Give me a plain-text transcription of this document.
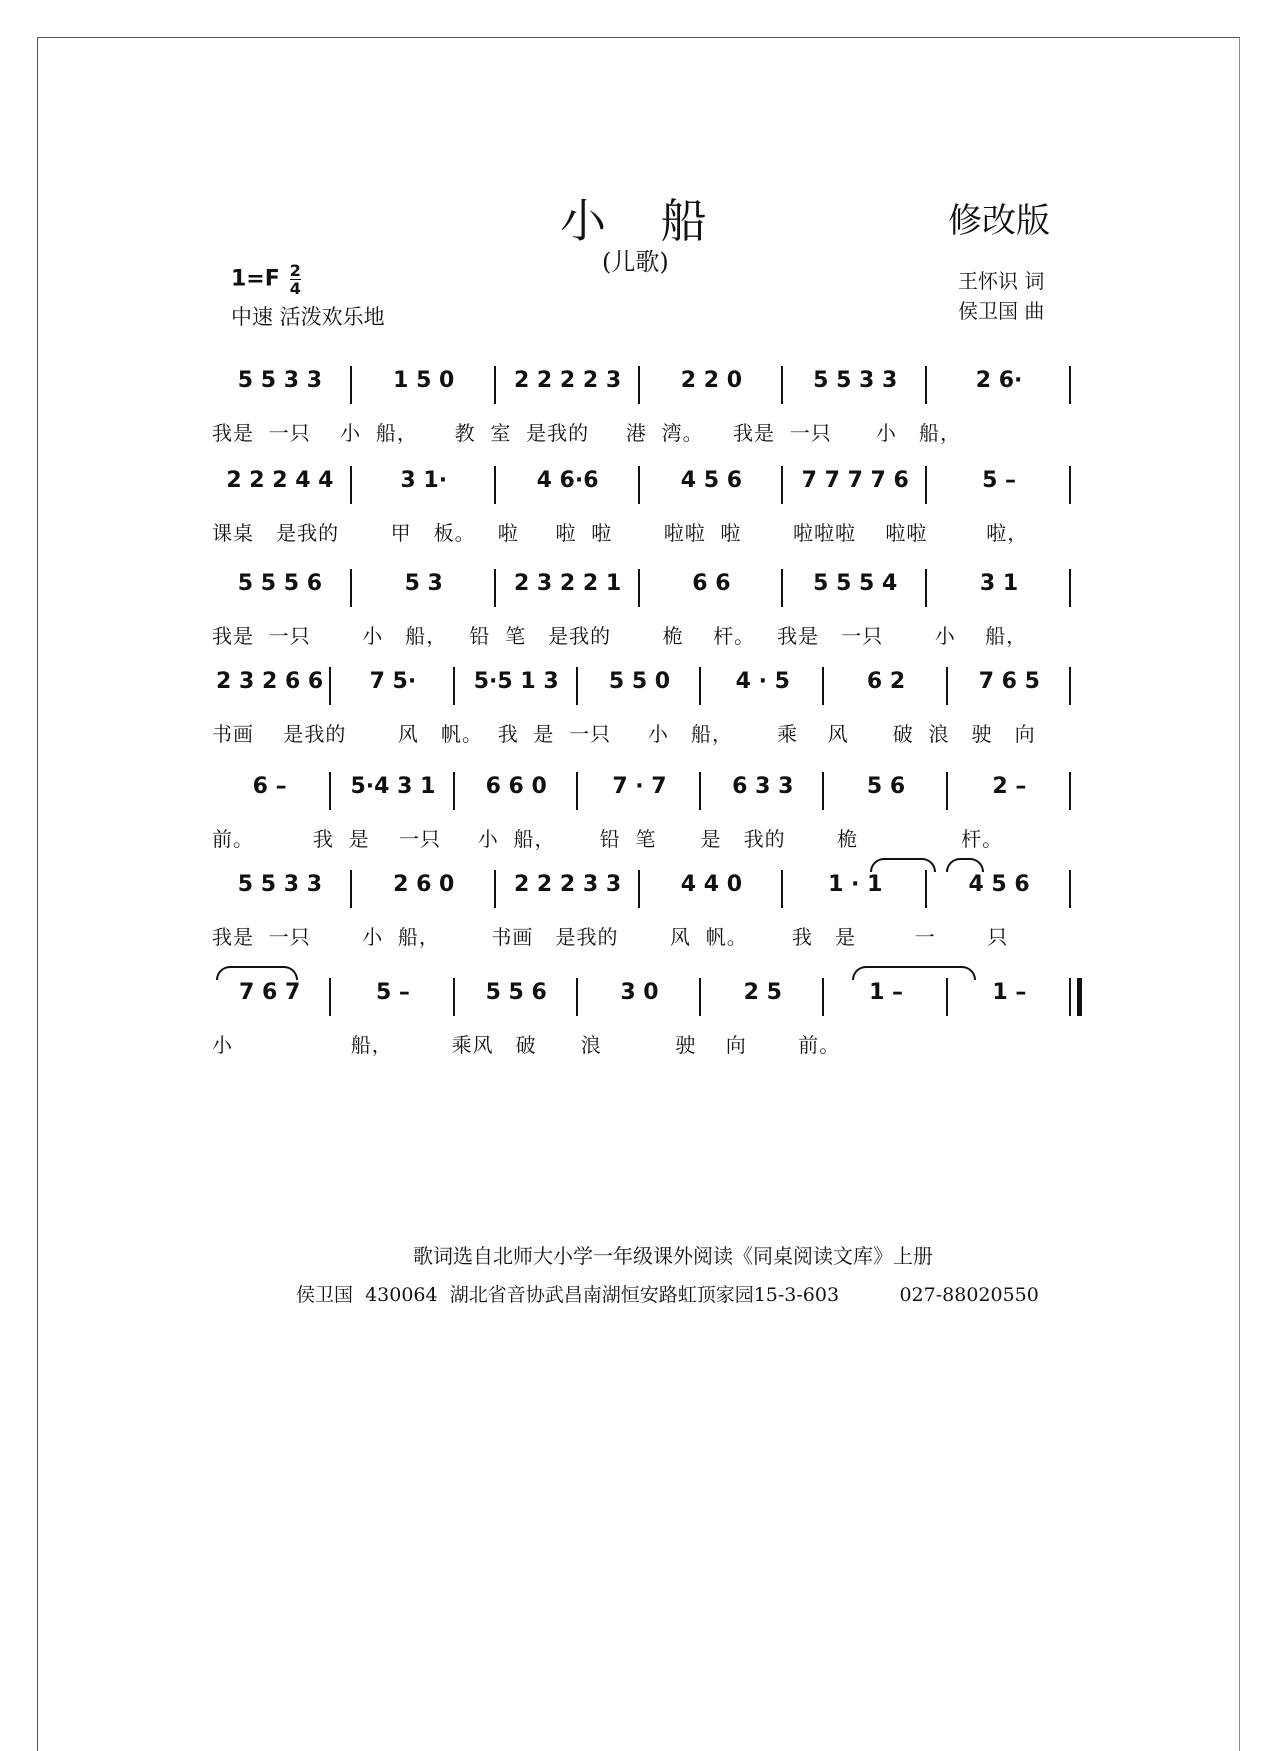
小 船	修改版
(儿歌)
$1=F \frac{2}{4}$
中速 活泼欢乐地
王怀识 词
侯卫国 曲
5 5 3 3	1 5 0	2 2 2 2 3	2 2 0	5 5 3 3	2 6·
我是  一只    小  船，     教  室  是我的     港  湾。    我是  一只      小   船，
2 2 2 4 4	3 1·	4 6·6	4 5 6	7 7 7 7 6	5 –
课桌   是我的       甲   板。   啦     啦  啦       啦啦  啦       啦啦啦    啦啦        啦，
5 5 5 6	5 3	2 3 2 2 1	6 6	5 5 5 4	3 1
我是  一只       小   船，   铅  笔   是我的       桅    杆。   我是   一只       小    船，
2 3 2 6 6	7 5·	5·5 1 3	5 5 0	4 · 5	6 2	7 6 5
书画    是我的       风   帆。  我  是  一只     小   船，      乘    风      破  浪   驶   向
6 –	5·4 3 1	6 6 0	7 · 7	6 3 3	5 6	2 –
前。        我  是    一只     小  船，      铅  笔      是   我的       桅              杆。
5 5 3 3	2 6 0	2 2 2 3 3	4 4 0	1 · 1	4 5 6
我是  一只       小  船，       书画   是我的       风  帆。      我   是        一       只
7 6 7	5 –	5 5 6	3 0	2 5	1 –	1 –
小                船，        乘风   破      浪          驶    向       前。
歌词选自北师大小学一年级课外阅读《同桌阅读文库》上册
侯卫国  430064  湖北省音协武昌南湖恒安路虹顶家园15-3-603          027-88020550
